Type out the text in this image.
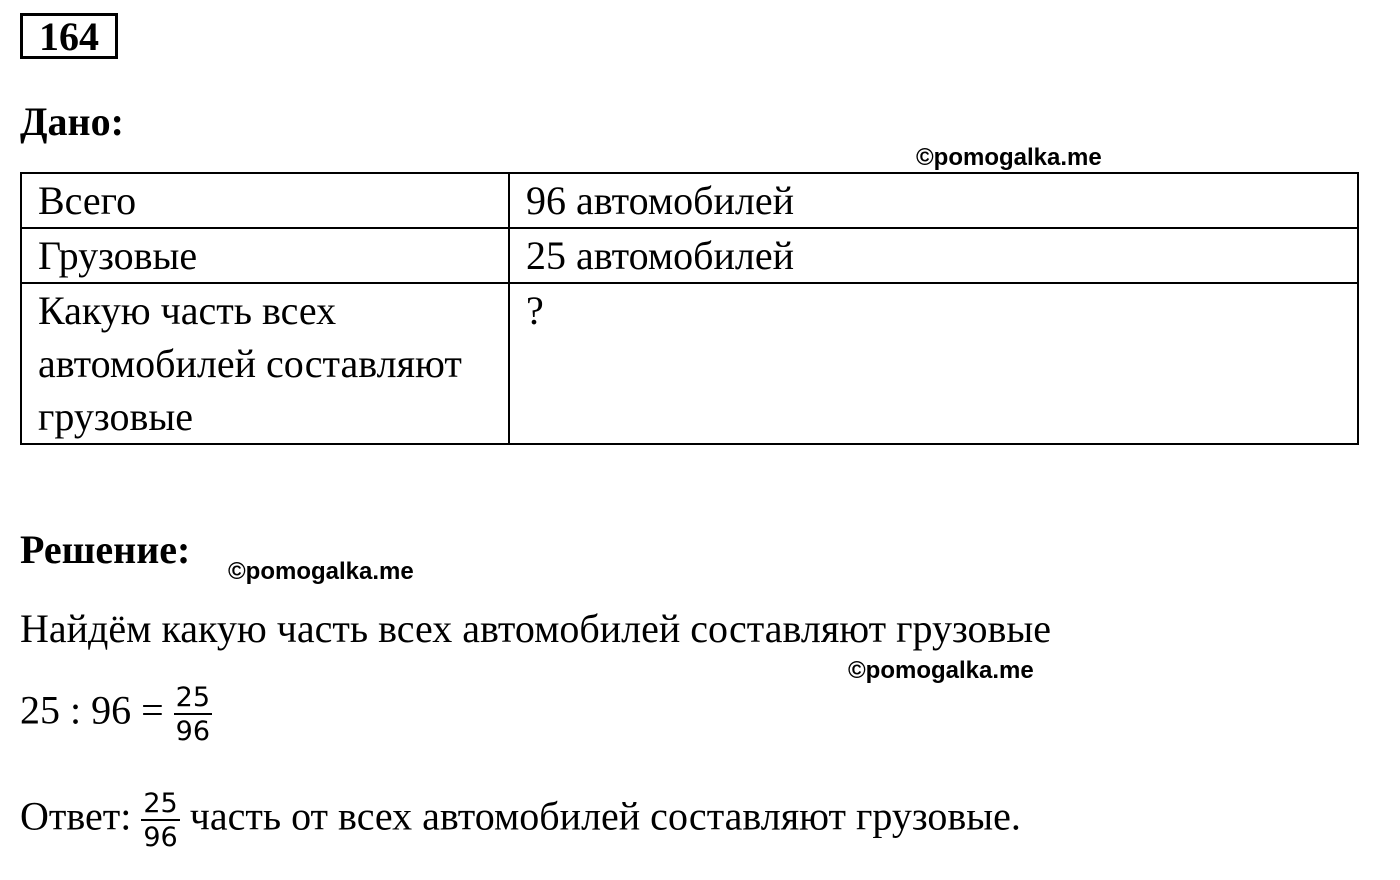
164
Дано:
©pomogalka.me
Всего	96 автомобилей
Грузовые	25 автомобилей
Какую часть всех автомобилей составляют грузовые	?
Решение: ©pomogalka.me
Найдём какую часть всех автомобилей составляют грузовые
©pomogalka.me
25 : $96 = \frac{25}{96}$
Ответ: $\frac{25}{96}$ часть от всех автомобилей составляют грузовые.
